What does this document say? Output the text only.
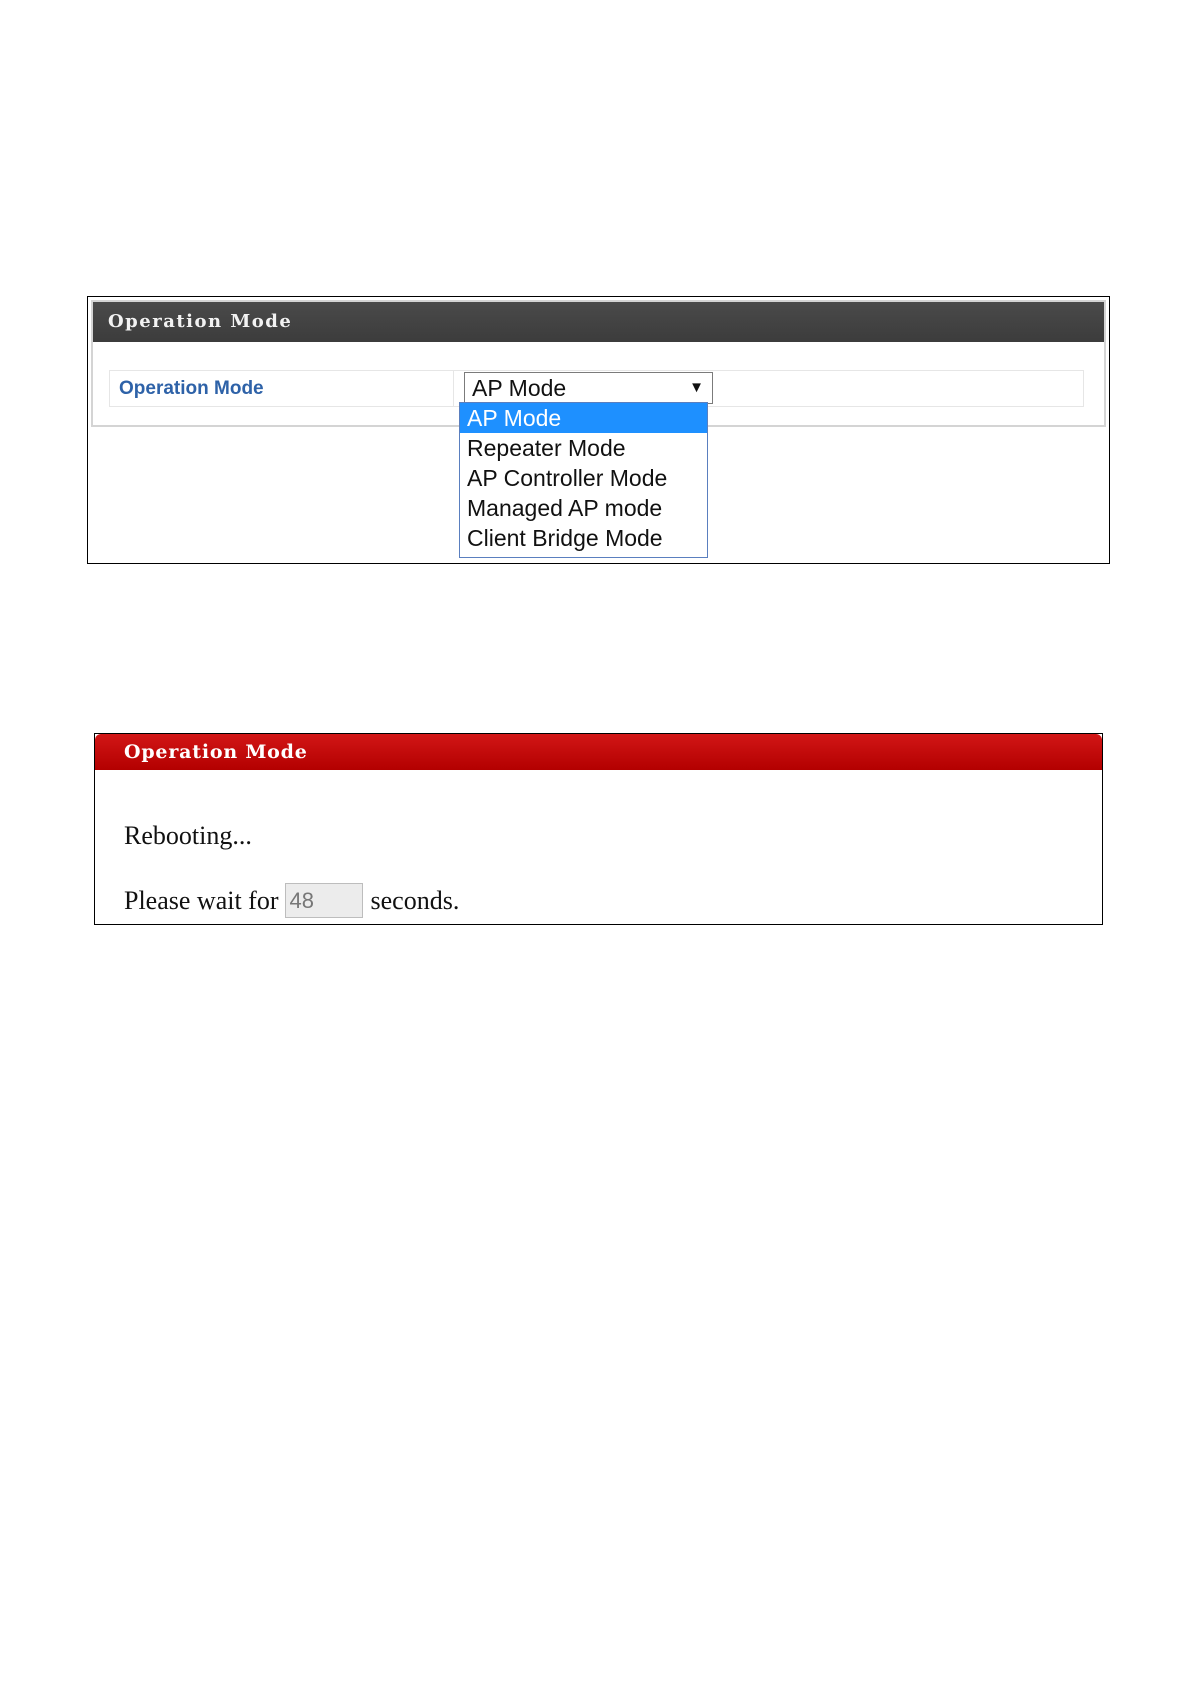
Operation Mode
Operation Mode	AP Mode	▼
AP Mode
Repeater Mode
AP Controller Mode
Managed AP mode
Client Bridge Mode
Operation Mode
Rebooting...
Please wait for 48	seconds.
